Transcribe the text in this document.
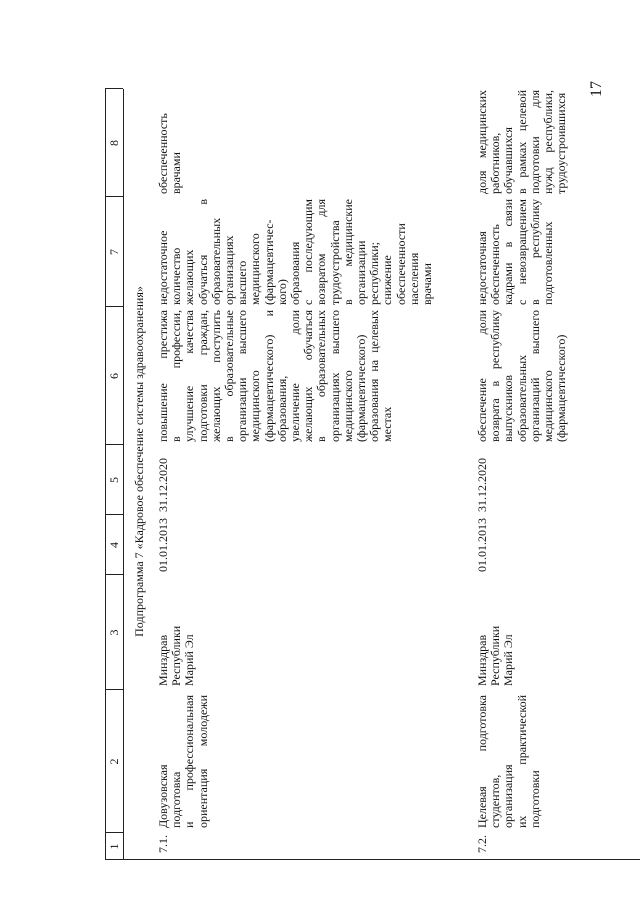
17
1
2
3
4
5
6
7
8
Подпрограмма 7 «Кадровое обеспечение системы здравоохранения»
7.1.
Довузовская подготовка и профессиональная ориентация молодежи
Минздрав Республики Марий Эл
01.01.2013
31.12.2020
повышение престижа в профессии, улучшение качества подготовки граждан, желающих поступить в образовательные организации высшего медицинского (фармацевтического) и образования, увеличение доли желающих обучаться в образовательных организациях высшего медицинского (фармацевтического) образования на целевых местах
недостаточное количество желающих обучаться в образовательных организациях высшего медицинского (фармацевтичес- кого) образования с последующим возвратом для трудоустройства в медицинские организации республики; снижение обеспеченности населения врачами
обеспеченность врачами
7.2.
Целевая подготовка студентов, организация их практической подготовки
Минздрав Республики Марий Эл
01.01.2013
31.12.2020
обеспечение доли возврата в республику выпускников образовательных организаций высшего медицинского (фармацевтического)
недостаточная обеспеченность кадрами в связи с невозвращением в республику подготовленных
доля медицинских работников, обучавшихся в рамках целевой подготовки для нужд республики, трудоустроившихся
